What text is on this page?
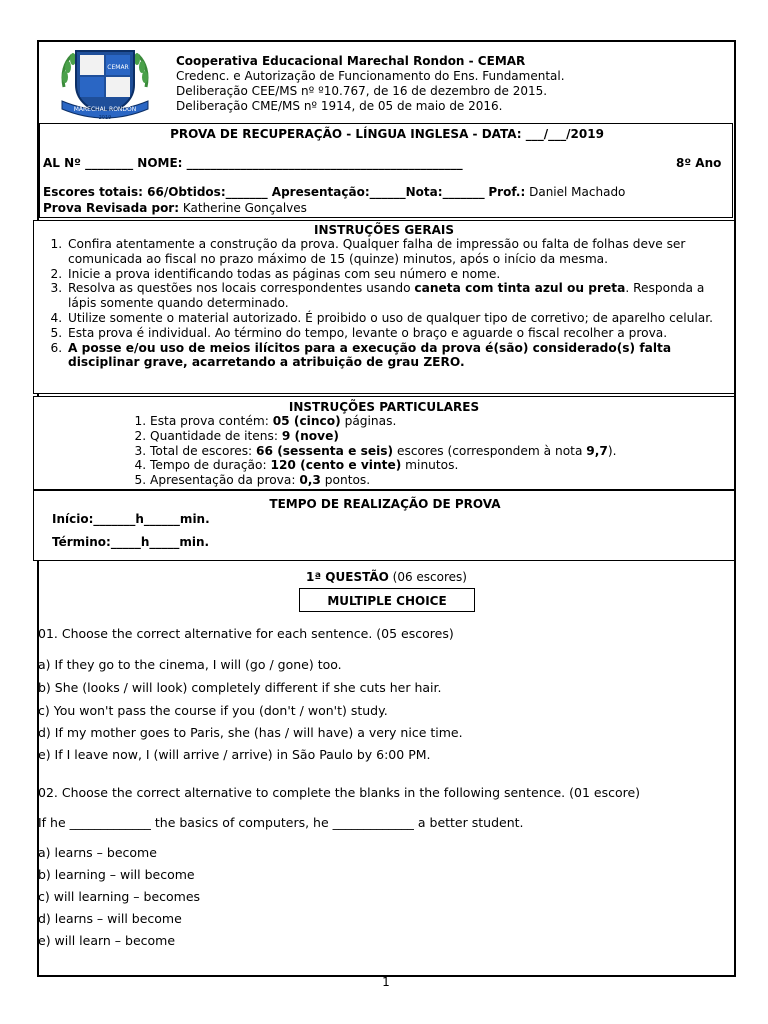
CEMAR
MARECHAL RONDON
2019
Cooperativa Educacional Marechal Rondon - CEMAR
Credenc. e Autorização de Funcionamento do Ens. Fundamental.
Deliberação CEE/MS nº º10.767, de 16 de dezembro de 2015.
Deliberação CME/MS nº 1914, de 05 de maio de 2016.
PROVA DE RECUPERAÇÃO - LÍNGUA INGLESA - DATA: ___/___/2019
AL Nº ________ NOME: ______________________________________________	8º Ano
Escores totais: 66/Obtidos:_______ Apresentação:______Nota:_______ Prof.: Daniel Machado
Prova Revisada por: Katherine Gonçalves
INSTRUÇÕES GERAIS
1. Confira atentamente a construção da prova. Qualquer falha de impressão ou falta de folhas deve ser comunicada ao fiscal no prazo máximo de 15 (quinze) minutos, após o início da mesma.
2. Inicie a prova identificando todas as páginas com seu número e nome.
3. Resolva as questões nos locais correspondentes usando caneta com tinta azul ou preta. Responda a lápis somente quando determinado.
4. Utilize somente o material autorizado. É proibido o uso de qualquer tipo de corretivo; de aparelho celular.
5. Esta prova é individual. Ao término do tempo, levante o braço e aguarde o fiscal recolher a prova.
6. A posse e/ou uso de meios ilícitos para a execução da prova é(são) considerado(s) falta disciplinar grave, acarretando a atribuição de grau ZERO.
INSTRUÇÕES PARTICULARES
1. Esta prova contém: 05 (cinco) páginas.
2. Quantidade de itens: 9 (nove)
3. Total de escores: 66 (sessenta e seis) escores (correspondem à nota 9,7).
4. Tempo de duração: 120 (cento e vinte) minutos.
5. Apresentação da prova: 0,3 pontos.
TEMPO DE REALIZAÇÃO DE PROVA
Início:_______h______min.
Término:_____h_____min.
1ª QUESTÃO (06 escores)
MULTIPLE CHOICE
01. Choose the correct alternative for each sentence. (05 escores)
a) If they go to the cinema, I will (go / gone) too.
b) She (looks / will look) completely different if she cuts her hair.
c) You won't pass the course if you (don't / won't) study.
d) If my mother goes to Paris, she (has / will have) a very nice time.
e) If I leave now, I (will arrive / arrive) in São Paulo by 6:00 PM.
02. Choose the correct alternative to complete the blanks in the following sentence. (01 escore)
If he _____________ the basics of computers, he _____________ a better student.
a) learns – become
b) learning – will become
c) will learning – becomes
d) learns – will become
e) will learn – become
1
